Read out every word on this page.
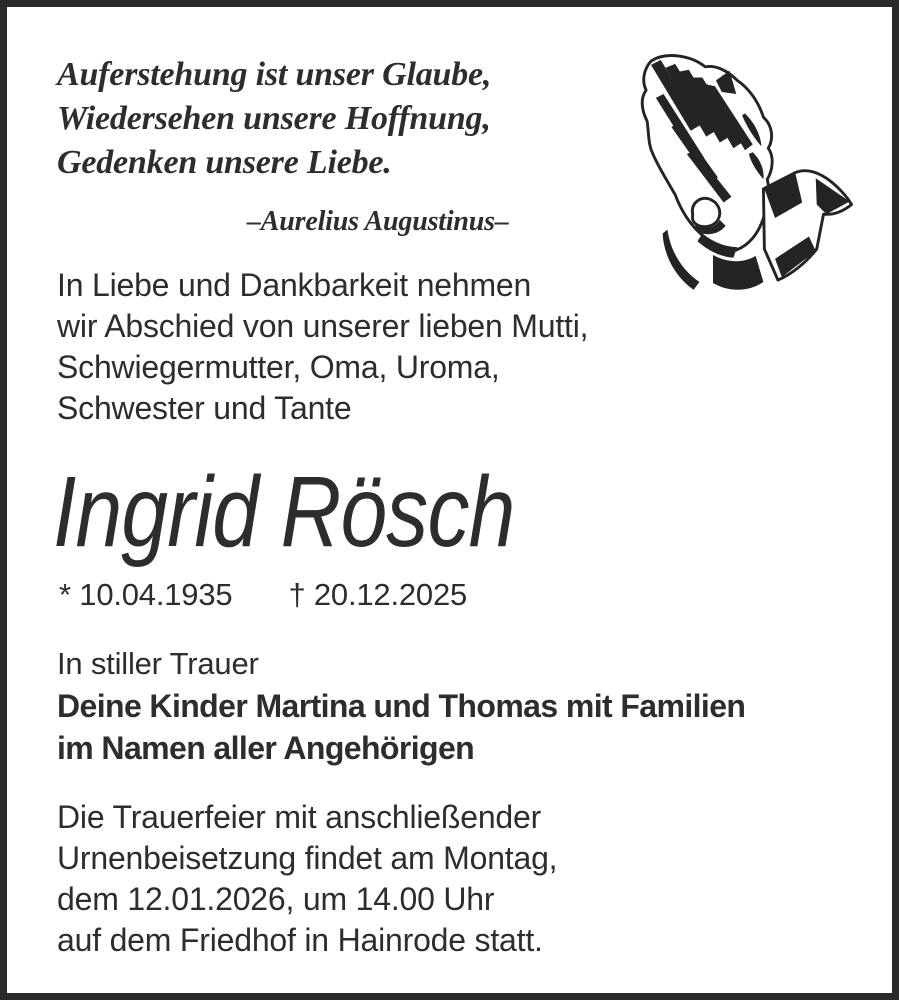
Auferstehung ist unser Glaube,
Wiedersehen unsere Hoffnung,
Gedenken unsere Liebe.
–Aurelius Augustinus–
In Liebe und Dankbarkeit nehmen
wir Abschied von unserer lieben Mutti,
Schwiegermutter, Oma, Uroma,
Schwester und Tante
Ingrid Rösch
* 10.04.1935 † 20.12.2025
In stiller Trauer
Deine Kinder Martina und Thomas mit Familien
im Namen aller Angehörigen
Die Trauerfeier mit anschließender
Urnenbeisetzung findet am Montag,
dem 12.01.2026, um 14.00 Uhr
auf dem Friedhof in Hainrode statt.
